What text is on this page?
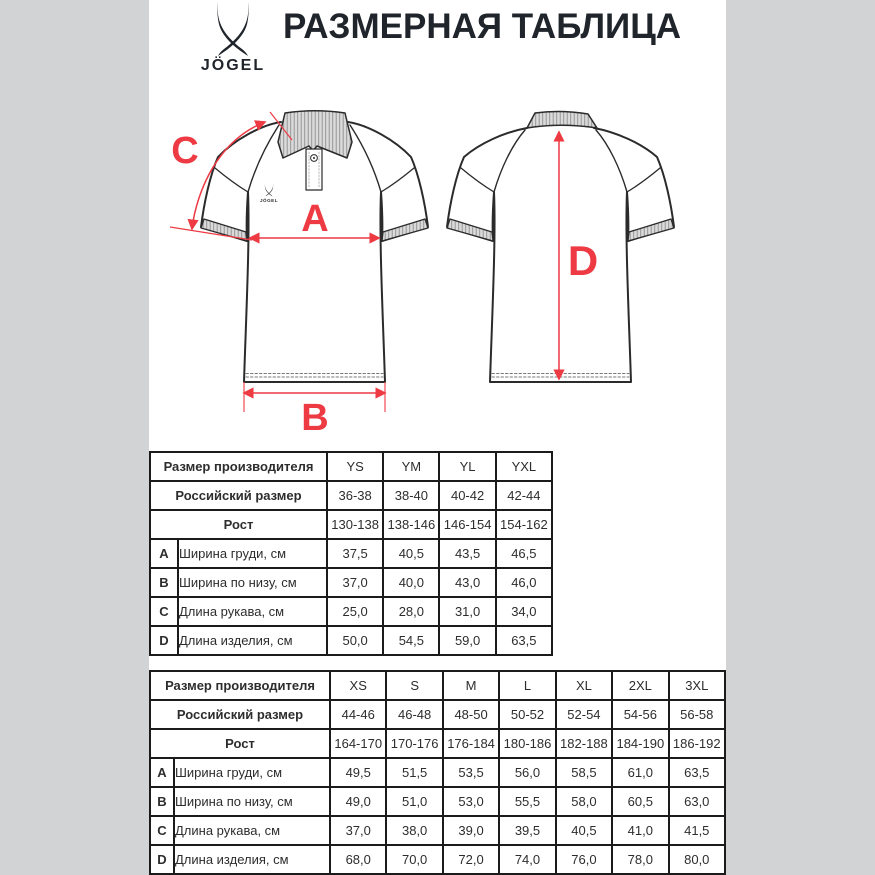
JÖGEL
РАЗМЕРНАЯ ТАБЛИЦА
JÖGEL
C
A
B
D
Размер производителя		YS	YM	YL	YXL
Российский размер		36-38	38-40	40-42	42-44
Рост		130-138	138-146	146-154	154-162
A	Ширина груди, см	37,5	40,5	43,5	46,5
B	Ширина по низу, см	37,0	40,0	43,0	46,0
C	Длина рукава, см	25,0	28,0	31,0	34,0
D	Длина изделия, см	50,0	54,5	59,0	63,5
Размер производителя		XS	S	M	L	XL	2XL	3XL
Российский размер		44-46	46-48	48-50	50-52	52-54	54-56	56-58
Рост		164-170	170-176	176-184	180-186	182-188	184-190	186-192
A	Ширина груди, см	49,5	51,5	53,5	56,0	58,5	61,0	63,5
B	Ширина по низу, см	49,0	51,0	53,0	55,5	58,0	60,5	63,0
C	Длина рукава, см	37,0	38,0	39,0	39,5	40,5	41,0	41,5
D	Длина изделия, см	68,0	70,0	72,0	74,0	76,0	78,0	80,0
